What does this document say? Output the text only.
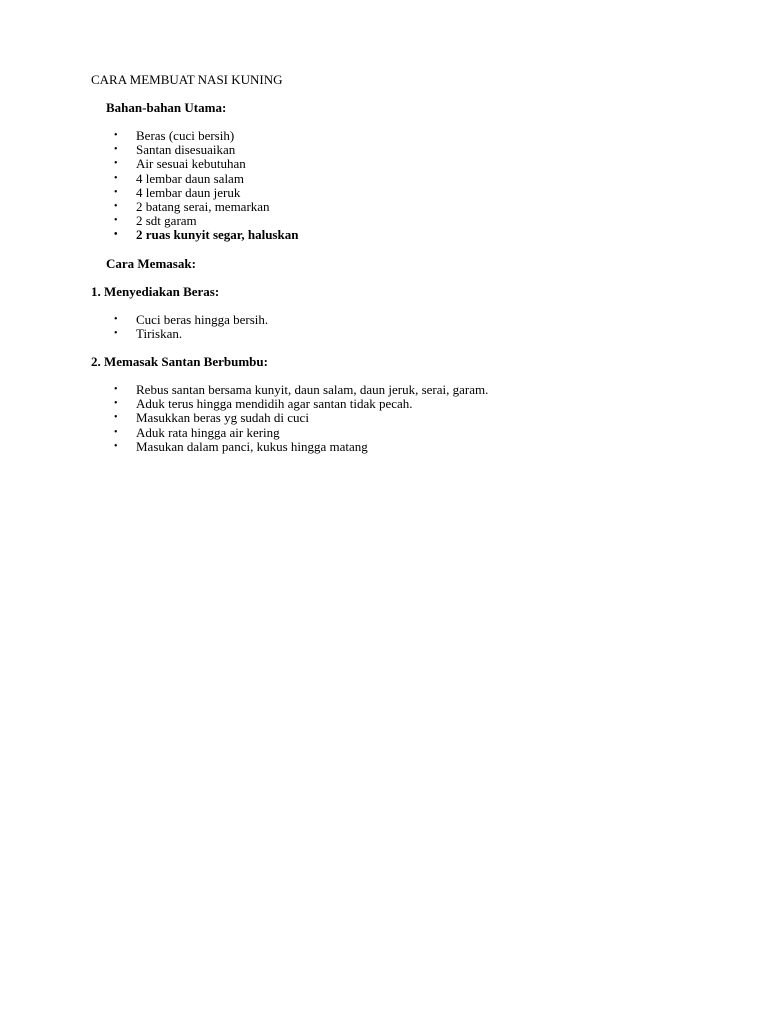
CARA MEMBUAT NASI KUNING
Bahan-bahan Utama:
• Beras (cuci bersih)
• Santan disesuaikan
• Air sesuai kebutuhan
• 4 lembar daun salam
• 4 lembar daun jeruk
• 2 batang serai, memarkan
• 2 sdt garam
• 2 ruas kunyit segar, haluskan
Cara Memasak:
1. Menyediakan Beras:
• Cuci beras hingga bersih.
• Tiriskan.
2. Memasak Santan Berbumbu:
• Rebus santan bersama kunyit, daun salam, daun jeruk, serai, garam.
• Aduk terus hingga mendidih agar santan tidak pecah.
• Masukkan beras yg sudah di cuci
• Aduk rata hingga air kering
• Masukan dalam panci, kukus hingga matang
